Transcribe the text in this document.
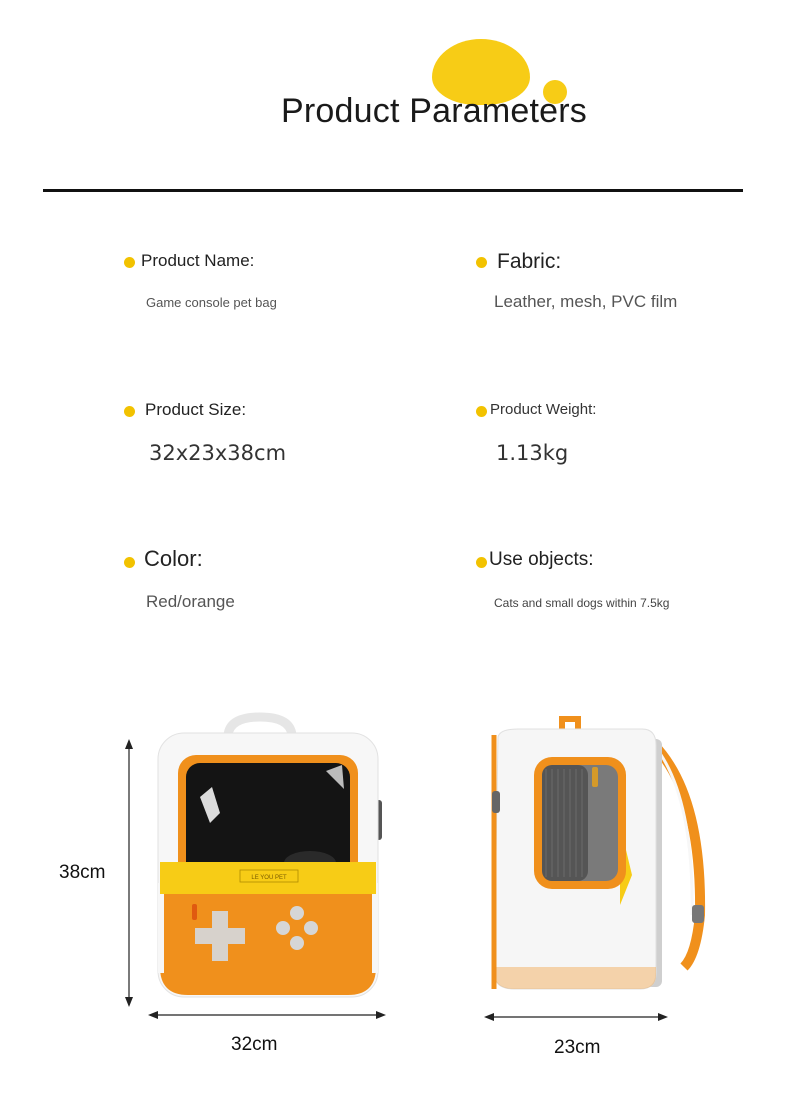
Product Parameters
Product Name:
Game console pet bag
Fabric:
Leather, mesh, PVC film
Product Size:
32x23x38cm
Product Weight:
1.13kg
Color:
Red/orange
Use objects:
Cats and small dogs within 7.5kg
LE YOU PET
38cm
32cm	23cm
